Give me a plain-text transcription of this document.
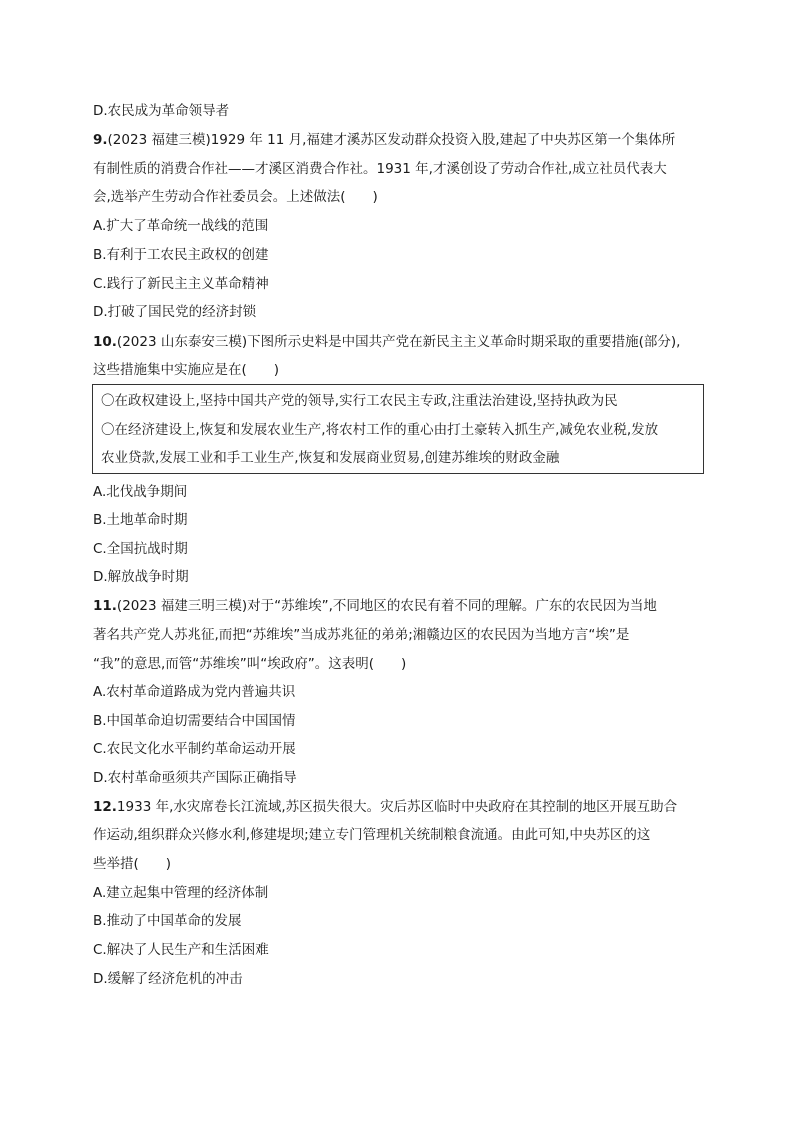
D.农民成为革命领导者
9.(2023 福建三模)1929 年 11 月,福建才溪苏区发动群众投资入股,建起了中央苏区第一个集体所
有制性质的消费合作社——才溪区消费合作社。1931 年,才溪创设了劳动合作社,成立社员代表大
会,选举产生劳动合作社委员会。上述做法(　　)
A.扩大了革命统一战线的范围
B.有利于工农民主政权的创建
C.践行了新民主主义革命精神
D.打破了国民党的经济封锁
10.(2023 山东泰安三模)下图所示史料是中国共产党在新民主主义革命时期采取的重要措施(部分),
这些措施集中实施应是在(　　)
〇在政权建设上,坚持中国共产党的领导,实行工农民主专政,注重法治建设,坚持执政为民
〇在经济建设上,恢复和发展农业生产,将农村工作的重心由打土豪转入抓生产,减免农业税,发放
农业贷款,发展工业和手工业生产,恢复和发展商业贸易,创建苏维埃的财政金融
A.北伐战争期间
B.土地革命时期
C.全国抗战时期
D.解放战争时期
11.(2023 福建三明三模)对于“苏维埃”,不同地区的农民有着不同的理解。广东的农民因为当地
著名共产党人苏兆征,而把“苏维埃”当成苏兆征的弟弟;湘赣边区的农民因为当地方言“埃”是
“我”的意思,而管“苏维埃”叫“埃政府”。这表明(　　)
A.农村革命道路成为党内普遍共识
B.中国革命迫切需要结合中国国情
C.农民文化水平制约革命运动开展
D.农村革命亟须共产国际正确指导
12.1933 年,水灾席卷长江流域,苏区损失很大。灾后苏区临时中央政府在其控制的地区开展互助合
作运动,组织群众兴修水利,修建堤坝;建立专门管理机关统制粮食流通。由此可知,中央苏区的这
些举措(　　)
A.建立起集中管理的经济体制
B.推动了中国革命的发展
C.解决了人民生产和生活困难
D.缓解了经济危机的冲击
